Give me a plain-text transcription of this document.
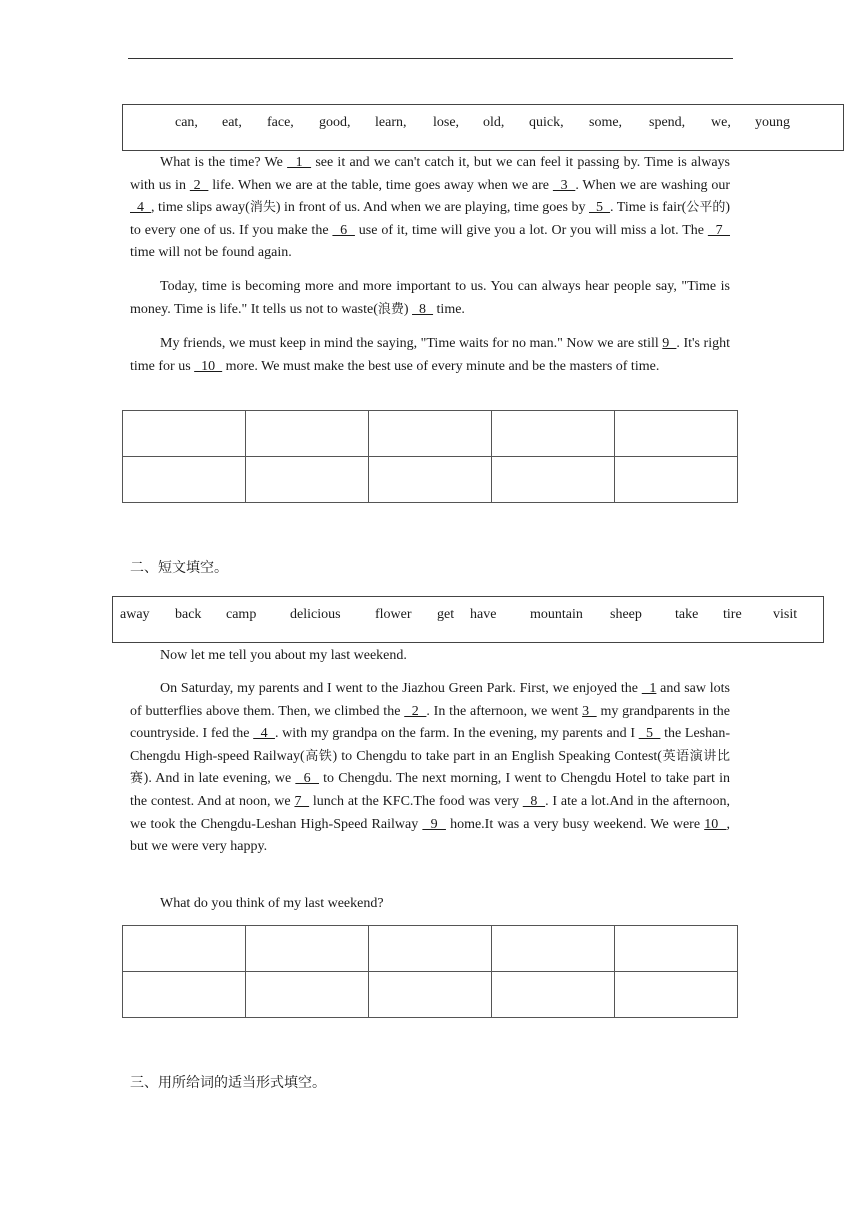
can, eat, face, good, learn, lose, old, quick, some, spend, we, young

What is the time? We   1   see it and we can't catch it, but we can feel it passing by. Time is always with us in  2   life. When we are at the table, time goes away when we are   3  . When we are washing our   4  , time slips away(消失) in front of us. And when we are playing, time goes by   5  . Time is fair(公平的) to every one of us. If you make the   6   use of it, time will give you a lot. Or you will miss a lot. The   7   time will not be found again.

Today, time is becoming more and more important to us. You can always hear people say, "Time is money. Time is life." It tells us not to waste(浪费)   8   time.

My friends, we must keep in mind the saying, "Time waits for no man." Now we are still 9  . It's right time for us   10   more. We must make the best use of every minute and be the masters of time.

二、短文填空。
away back camp delicious flower get have mountain sheep take tire visit

Now let me tell you about my last weekend.

On Saturday, my parents and I went to the Jiazhou Green Park. First, we enjoyed the   1 and saw lots of butterflies above them. Then, we climbed the   2  . In the afternoon, we went 3   my grandparents in the countryside. I fed the   4  . with my grandpa on the farm. In the evening, my parents and I   5   the Leshan-Chengdu High-speed Railway(高铁) to Chengdu to take part in an English Speaking Contest(英语演讲比赛). And in late evening, we   6   to Chengdu. The next morning, I went to Chengdu Hotel to take part in the contest. And at noon, we 7   lunch at the KFC.The food was very   8  . I ate a lot.And in the afternoon, we took the Chengdu-Leshan High-Speed Railway   9   home.It was a very busy weekend. We were 10  , but we were very happy.

What do you think of my last weekend?

三、用所给词的适当形式填空。
